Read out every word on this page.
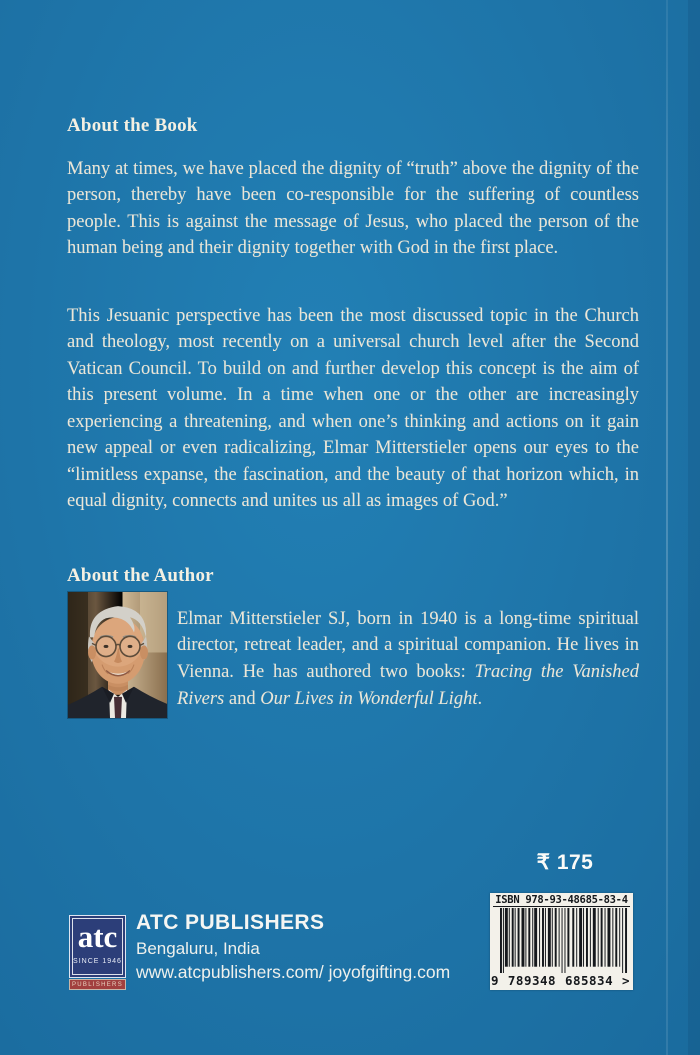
About the Book

Many at times, we have placed the dignity of “truth” above the dignity of the person, thereby have been co-responsible for the suffering of countless people. This is against the message of Jesus, who placed the person of the human being and their dignity together with God in the first place.

This Jesuanic perspective has been the most discussed topic in the Church and theology, most recently on a universal church level after the Second Vatican Council. To build on and further develop this concept is the aim of this present volume. In a time when one or the other are increasingly experiencing a threatening, and when one’s thinking and actions on it gain new appeal or even radicalizing, Elmar Mitterstieler opens our eyes to the “limitless expanse, the fascination, and the beauty of that horizon which, in equal dignity, connects and unites us all as images of God.”

About the Author

Elmar Mitterstieler SJ, born in 1940 is a long-time spiritual director, retreat leader, and a spiritual companion. He lives in Vienna. He has authored two books: Tracing the Vanished Rivers and Our Lives in Wonderful Light.

₹ 175
ISBN 978-93-48685-83-4
9 789348 685834 >
atc
SINCE 1946
PUBLISHERS
ATC PUBLISHERS
Bengaluru, India
www.atcpublishers.com/ joyofgifting.com
